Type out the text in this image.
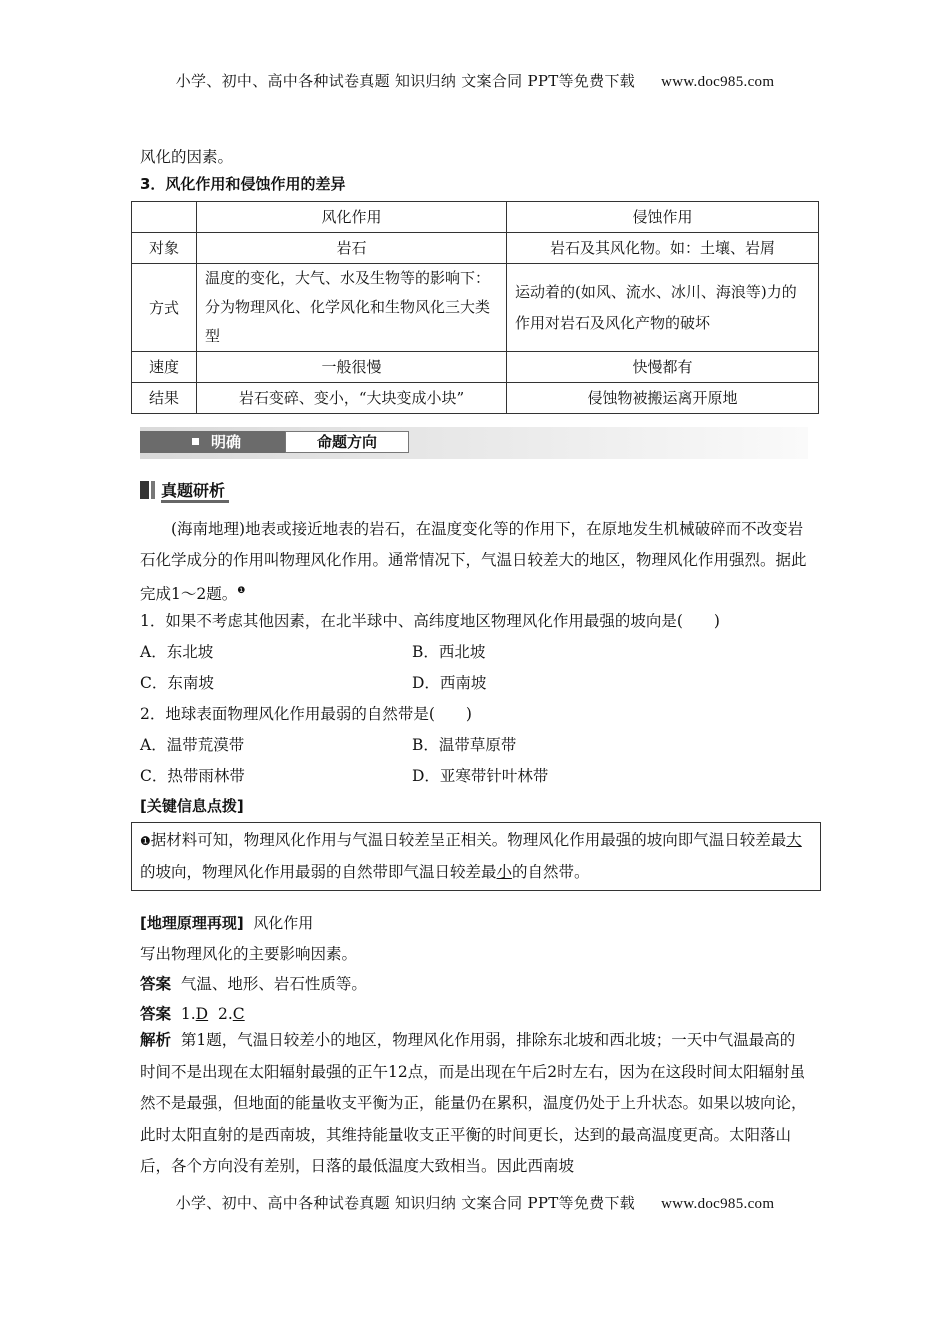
小学、初中、高中各种试卷真题 知识归纳 文案合同 PPT等免费下载 www.doc985.com
风化的因素。
3．风化作用和侵蚀作用的差异
	风化作用	侵蚀作用
对象	岩石	岩石及其风化物。如：土壤、岩屑
方式	温度的变化，大气、水及生物等的影响下：分为物理风化、化学风化和生物风化三大类型	运动着的(如风、流水、冰川、海浪等)力的作用对岩石及风化产物的破坏
速度	一般很慢	快慢都有
结果	岩石变碎、变小，“大块变成小块”	侵蚀物被搬运离开原地
明确	命题方向
真题研析
(海南地理)地表或接近地表的岩石，在温度变化等的作用下，在原地发生机械破碎而不改变岩石化学成分的作用叫物理风化作用。通常情况下，气温日较差大的地区，物理风化作用强烈。据此完成1～2题。$^❶$
1．如果不考虑其他因素，在北半球中、高纬度地区物理风化作用最强的坡向是(　　)
A．东北坡	B．西北坡
C．东南坡	D．西南坡
2．地球表面物理风化作用最弱的自然带是(　　)
A．温带荒漠带	B．温带草原带
C．热带雨林带	D．亚寒带针叶林带
[关键信息点拨]
❶据材料可知，物理风化作用与气温日较差呈正相关。物理风化作用最强的坡向即气温日较差最大的坡向，物理风化作用最弱的自然带即气温日较差最小的自然带。
[地理原理再现] 风化作用
写出物理风化的主要影响因素。
答案 气温、地形、岩石性质等。
答案 1.D 2.C
解析 第1题，气温日较差小的地区，物理风化作用弱，排除东北坡和西北坡；一天中气温最高的时间不是出现在太阳辐射最强的正午12点，而是出现在午后2时左右，因为在这段时间太阳辐射虽然不是最强，但地面的能量收支平衡为正，能量仍在累积，温度仍处于上升状态。如果以坡向论，此时太阳直射的是西南坡，其维持能量收支正平衡的时间更长，达到的最高温度更高。太阳落山后，各个方向没有差别，日落的最低温度大致相当。因此西南坡
小学、初中、高中各种试卷真题 知识归纳 文案合同 PPT等免费下载 www.doc985.com
